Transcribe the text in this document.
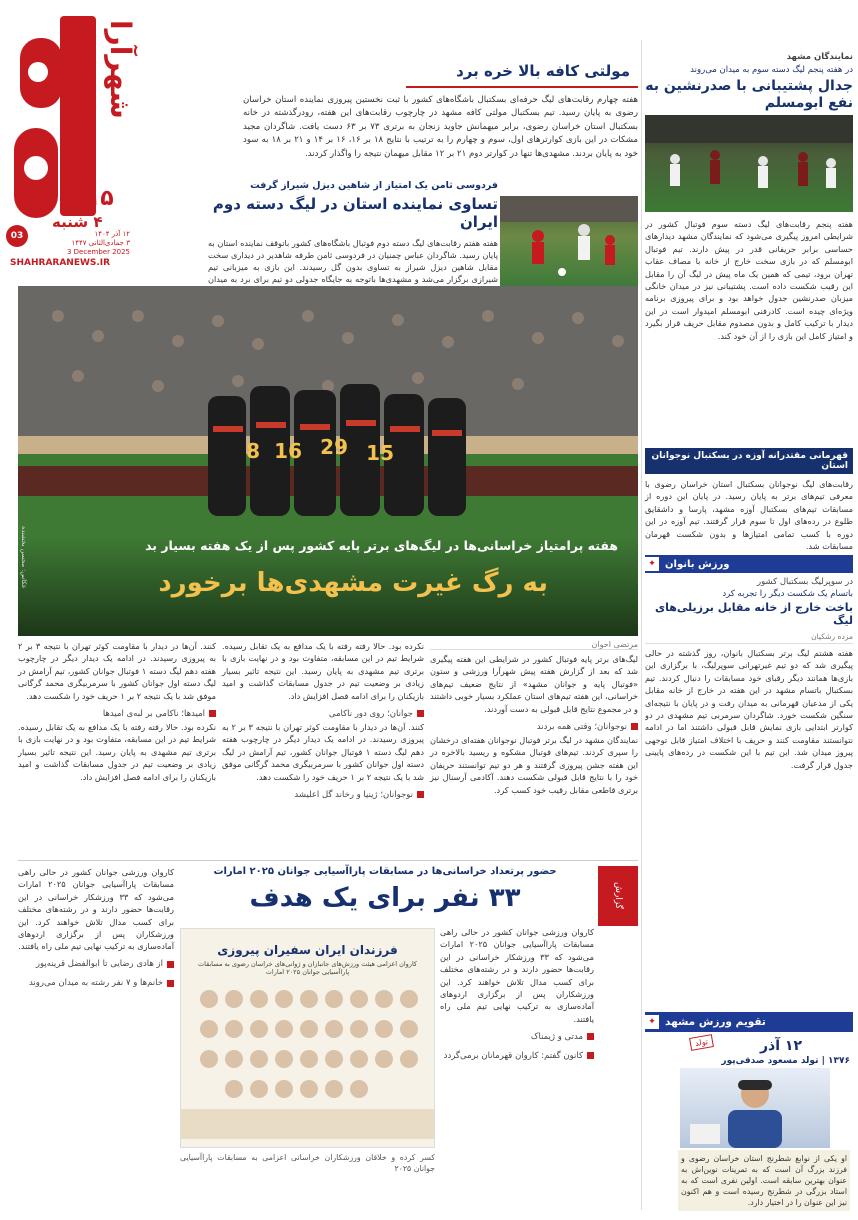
شهرآرا
۲۲۱۵
۴ شنبه
03	۱۲ آذر ۱۴۰۴
۳ جمادی‌الثانی ۱۴۴۷
3 December 2025
SHAHRARANEWS.IR
مولتی کافه بالا خره برد

هفته چهارم رقابت‌های لیگ حرفه‌ای بسکتبال باشگاه‌های کشور با ثبت نخستین پیروزی نماینده استان خراسان رضوی به پایان رسید. تیم بسکتبال مولتی کافه مشهد در چارچوب رقابت‌های این هفته، رودرگذشته در خانه بسکتبال استان خراسان رضوی، برابر میهمانش جاوید زنجان به برتری ۷۳ بر ۶۳ دست یافت. شاگردان مجید مشکات در این بازی کوارترهای اول، سوم و چهارم را به ترتیب با نتایج ۱۸ بر ۱۶، ۱۶ بر ۱۴ و ۲۱ بر ۱۸ به سود خود به پایان بردند. مشهدی‌ها تنها در کوارتر دوم ۲۱ بر ۱۲ مقابل میهمان نتیجه را واگذار کردند.

فردوسی ثامن یک امتیاز از شاهین دیزل شیراز گرفت
تساوی نماینده استان در لیگ دسته دوم ایران

هفته هفتم رقابت‌های لیگ دسته دوم فوتبال باشگاه‌های کشور باتوقف نماینده استان به پایان رسید. شاگردان عباس چمنیان در فردوسی ثامن طرفه شاهدیر در دیداری سخت مقابل شاهین دیزل شیراز به تساوی بدون گل رسیدند. این بازی به میزبانی تیم شیرازی برگزار می‌شد و مشهدی‌ها باتوجه به جایگاه جدولی دو تیم برای برد به میدان

نمایندگان مشهد
در هفته پنجم لیگ دسته سوم به میدان می‌روند
جدال پشتیبانی با صدرنشین به نفع ابومسلم

هفته پنجم رقابت‌های لیگ دسته سوم فوتبال کشور در شرایطی امروز پیگیری می‌شود که نمایندگان مشهد دیدارهای حساسی برابر حریفانی قدر در پیش دارند. تیم فوتبال ابومسلم که در بازی سخت خارج از خانه با مصاف عقاب تهران برود، تیمی که همین یک ماه پیش در لیگ آن را مقابل این رقیب شکست داده است. پشتیبانی نیز در میدان خانگی میزبان صدرنشین جدول خواهد بود و برای پیروزی برنامه ویژه‌ای چیده است. کادرفنی ابومسلم امیدوار است در این دیدار با ترکیب کامل و بدون مصدوم مقابل حریف قرار بگیرد و امتیاز کامل این بازی را از آن خود کند.

قهرمانی مقتدرانه آوزه در بسکتبال نوجوانان استان

رقابت‌های لیگ نوجوانان بسکتبال استان خراسان رضوی با معرفی تیم‌های برتر به پایان رسید. در پایان این دوره از مسابقات تیم‌های بسکتبال آوزه مشهد، پارسا و داشقایق طلوع در رده‌های اول تا سوم قرار گرفتند. تیم آوزه در این دوره با کسب تمامی امتیازها و بدون شکست قهرمان مسابقات شد.

ورزش بانوان
✦
در سوپرلیگ بسکتبال کشور
باتسام یک شکست دیگر را تجربه کرد
باخت خارج از خانه مقابل برزیلی‌های لیگ
مزده رشکیان

هفته هشتم لیگ برتر بسکتبال بانوان، روز گذشته در حالی پیگیری شد که دو تیم غیرتهرانی سوپرلیگ، با برگزاری این بازی‌ها همانند دیگر رقبای خود مسابقات را دنبال کردند. تیم بسکتبال باتسام مشهد در این هفته در خارج از خانه مقابل یکی از مدعیان قهرمانی به میدان رفت و در پایان با نتیجه‌ای سنگین شکست خورد. شاگردان سرمربی تیم مشهدی در دو کوارتر ابتدایی بازی نمایش قابل قبولی داشتند اما در ادامه نتوانستند مقاومت کنند و حریف با اختلاف امتیاز قابل توجهی پیروز میدان شد. این تیم با این شکست در رده‌های پایینی جدول قرار گرفت.

تقویم ورزش مشهد
✦
۱۲ آذر
تولد
۱۳۷۶ | تولد مسعود صدقی‌پور

او یکی از نوابغ شطرنج استان خراسان رضوی و فرزند بزرگ آن است که به تمرینات نوین‌اش به عنوان بهترین سابقه است. اولین نفری است که به استاد بزرگی در شطرنج رسیده است و هم اکنون نیز این عنوان را در اختیار دارد.

8 16 29 15
هفته پرامتیاز خراسانی‌ها در لیگ‌های برتر پایه کشور پس از یک هفته بسیار بد
به رگ غیرت مشهدی‌ها برخورد
عکاس: محسن بخشنده
مرتضی احوان

لیگ‌های برتر پایه فوتبال کشور در شرایطی این هفته پیگیری شد که بعد از گزارش هفته پیش شهرآرا ورزشی و ستون «فوتبال پایه و جوانان مشهد» از نتایج ضعیف تیم‌های خراسانی، این هفته تیم‌های استان عملکرد بسیار خوبی داشتند و در مجموع نتایج قابل قبولی به دست آوردند.

نوجوانان؛ وقتی همه بردند

نمایندگان مشهد در لیگ برتر فوتبال نوجوانان هفته‌ای درخشان را سپری کردند. تیم‌های فوتبال مشکوه و ریسید بالاخره در این هفته جشن پیروزی گرفتند و هر دو تیم توانستند حریفان خود را با نتایج قابل قبولی شکست دهند. آکادمی آرسنال نیز برتری قاطعی مقابل رقیب خود کسب کرد.

نکرده بود. حالا رفته رفته با یک مدافع به یک تقابل رسیده. شرایط تیم در این مسابقه، متفاوت بود و در نهایت بازی با برتری تیم مشهدی به پایان رسید. این نتیجه تاثیر بسیار زیادی بر وضعیت تیم در جدول مسابقات گذاشت و امید بازیکنان را برای ادامه فصل افزایش داد.

جوانان؛ روی دور ناکامی

کنند. آن‌ها در دیدار با مقاومت کوثر تهران با نتیجه ۳ بر ۲ به پیروزی رسیدند. در ادامه یک دیدار دیگر در چارچوب هفته دهم لیگ دسته ۱ فوتبال جوانان کشور، تیم آرامش در لیگ دسته اول جوانان کشور با سرمربیگری محمد گرگانی موفق شد با یک نتیجه ۲ بر ۱ حریف خود را شکست دهد.

نوجوانان؛ ژینیا و رخاند گل اعلیشد

کنند. آن‌ها در دیدار با مقاومت کوثر تهران با نتیجه ۳ بر ۲ به پیروزی رسیدند. در ادامه یک دیدار دیگر در چارچوب هفته دهم لیگ دسته ۱ فوتبال جوانان کشور، تیم آرامش در لیگ دسته اول جوانان کشور با سرمربیگری محمد گرگانی موفق شد با یک نتیجه ۲ بر ۱ حریف خود را شکست دهد.

امیدها؛ ناکامی بر لبه‌ی امیدها

نکرده بود. حالا رفته رفته با یک مدافع به یک تقابل رسیده. شرایط تیم در این مسابقه، متفاوت بود و در نهایت بازی با برتری تیم مشهدی به پایان رسید. این نتیجه تاثیر بسیار زیادی بر وضعیت تیم در جدول مسابقات گذاشت و امید بازیکنان را برای ادامه فصل افزایش داد.

حضور پرتعداد خراسانی‌ها در مسابقات پاراآسیایی جوانان ۲۰۲۵ امارات
۳۳ نفر برای یک هدف	گزارش
فرزندان ایران سفیران پیروزی
کاروان اعزامی هیئت ورزش‌های جانبازان و ژوانی‌های خراسان رضوی به مسابقات پاراآسیایی جوانان ۲۰۲۵ امارات

کسر کرده و خلاقان ورزشکاران خراسانی اعزامی به مسابقات پاراآسیایی جوانان ۲۰۲۵

کاروان ورزشی جوانان کشور در حالی راهی مسابقات پاراآسیایی جوانان ۲۰۲۵ امارات می‌شود که ۳۳ ورزشکار خراسانی در این رقابت‌ها حضور دارند و در رشته‌های مختلف برای کسب مدال تلاش خواهند کرد. این ورزشکاران پس از برگزاری اردوهای آماده‌سازی به ترکیب نهایی تیم ملی راه یافتند.

مدتی و ژیمناک

کانون گفتم: کاروان قهرمانان برمی‌گردد

کاروان ورزشی جوانان کشور در حالی راهی مسابقات پاراآسیایی جوانان ۲۰۲۵ امارات می‌شود که ۳۳ ورزشکار خراسانی در این رقابت‌ها حضور دارند و در رشته‌های مختلف برای کسب مدال تلاش خواهند کرد. این ورزشکاران پس از برگزاری اردوهای آماده‌سازی به ترکیب نهایی تیم ملی راه یافتند.

از هادی رضایی تا ابوالفضل قرینه‌پور

خانم‌ها و ۷ نفر رشته به میدان می‌روند
